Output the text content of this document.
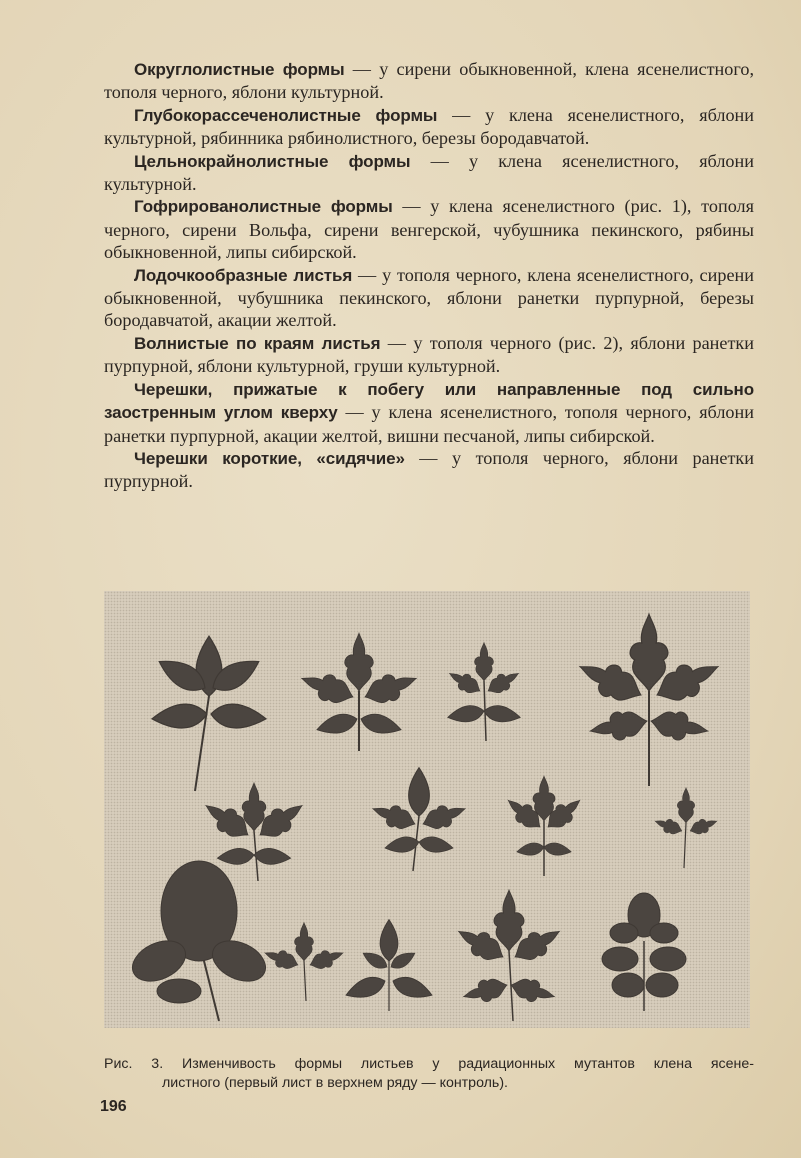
Округлолистные формы — у сирени обыкновенной, клена ясенелистного, тополя черного, яблони культурной.

Глубокорассеченолистные формы — у клена ясенелистного, яблони культурной, рябинника рябинолистного, березы бородавчатой.

Цельнокрайнолистные формы — у клена ясенелистного, яблони культурной.

Гофрированолистные формы — у клена ясенелистного (рис. 1), тополя черного, сирени Вольфа, сирени венгерской, чубушника пекинского, рябины обыкновенной, липы сибирской.

Лодочкообразные листья — у тополя черного, клена ясенелистного, сирени обыкновенной, чубушника пекинского, яблони ранетки пурпурной, березы бородавчатой, акации желтой.

Волнистые по краям листья — у тополя черного (рис. 2), яблони ранетки пурпурной, яблони культурной, груши культурной.

Черешки, прижатые к побегу или направленные под сильно заостренным углом кверху — у клена ясенелистного, тополя черного, яблони ранетки пурпурной, акации желтой, вишни песчаной, липы сибирской.

Черешки короткие, «сидячие» — у тополя черного, яблони ранетки пурпурной.

Рис. 3. Изменчивость формы листьев у радиационных мутантов клена ясене-
листного (первый лист в верхнем ряду — контроль).
196
